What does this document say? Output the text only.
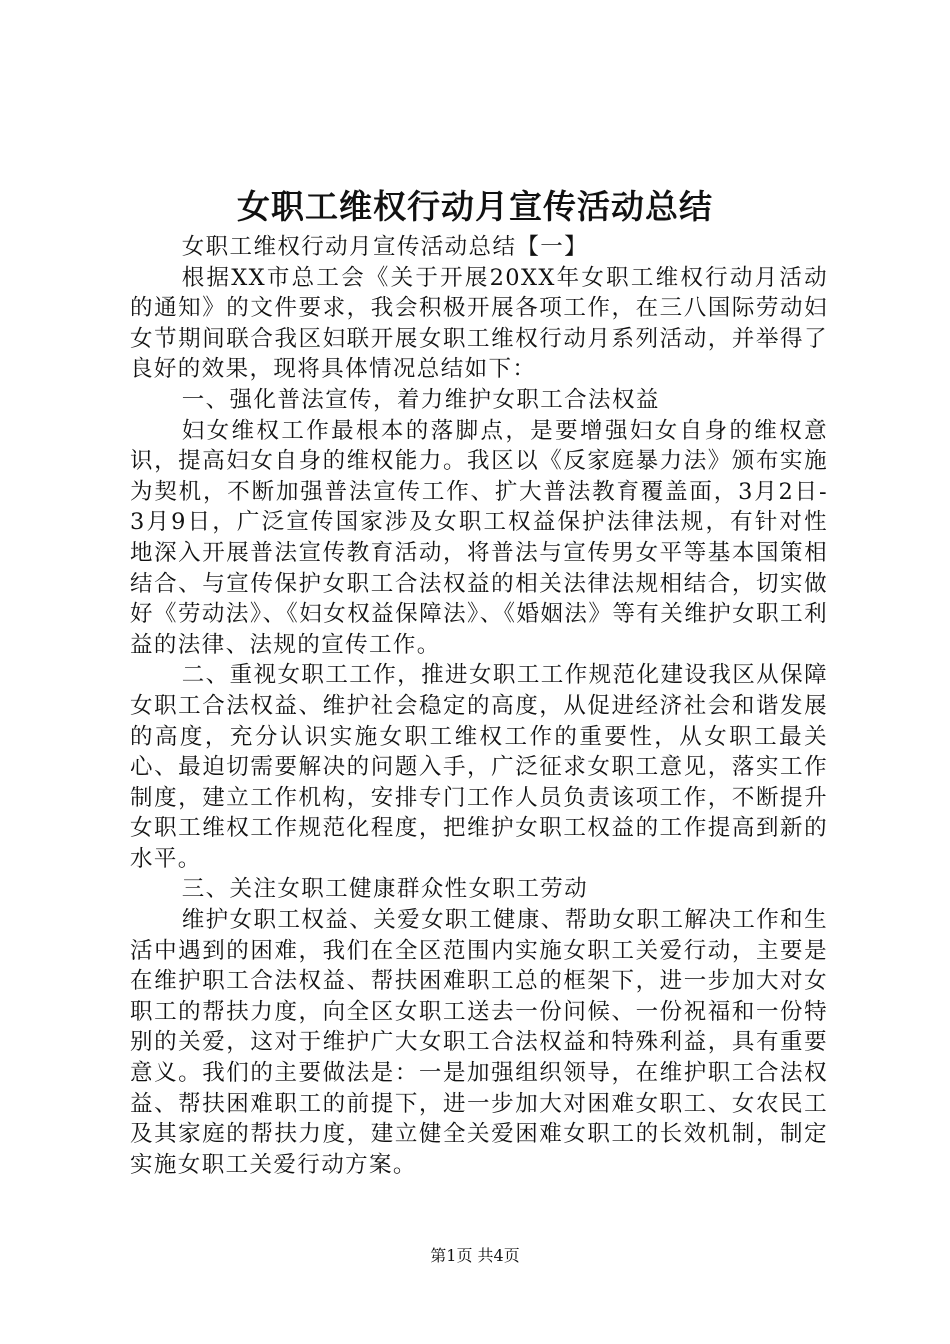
女职工维权行动月宣传活动总结

女职工维权行动月宣传活动总结【一】

根据XX市总工会《关于开展20XX年女职工维权行动月活动的通知》的文件要求，我会积极开展各项工作，在三八国际劳动妇女节期间联合我区妇联开展女职工维权行动月系列活动，并举得了良好的效果，现将具体情况总结如下：

一、强化普法宣传，着力维护女职工合法权益

妇女维权工作最根本的落脚点，是要增强妇女自身的维权意识，提高妇女自身的维权能力。我区以《反家庭暴力法》颁布实施为契机，不断加强普法宣传工作、扩大普法教育覆盖面，3月2日-3月9日，广泛宣传国家涉及女职工权益保护法律法规，有针对性地深入开展普法宣传教育活动，将普法与宣传男女平等基本国策相结合、与宣传保护女职工合法权益的相关法律法规相结合，切实做好《劳动法》、《妇女权益保障法》、《婚姻法》等有关维护女职工利益的法律、法规的宣传工作。

二、重视女职工工作，推进女职工工作规范化建设我区从保障女职工合法权益、维护社会稳定的高度，从促进经济社会和谐发展的高度，充分认识实施女职工维权工作的重要性，从女职工最关心、最迫切需要解决的问题入手，广泛征求女职工意见，落实工作制度，建立工作机构，安排专门工作人员负责该项工作，不断提升女职工维权工作规范化程度，把维护女职工权益的工作提高到新的水平。

三、关注女职工健康群众性女职工劳动

维护女职工权益、关爱女职工健康、帮助女职工解决工作和生活中遇到的困难，我们在全区范围内实施女职工关爱行动，主要是在维护职工合法权益、帮扶困难职工总的框架下，进一步加大对女职工的帮扶力度，向全区女职工送去一份问候、一份祝福和一份特别的关爱，这对于维护广大女职工合法权益和特殊利益，具有重要意义。我们的主要做法是：一是加强组织领导，在维护职工合法权益、帮扶困难职工的前提下，进一步加大对困难女职工、女农民工及其家庭的帮扶力度，建立健全关爱困难女职工的长效机制，制定实施女职工关爱行动方案。

第1页 共4页
